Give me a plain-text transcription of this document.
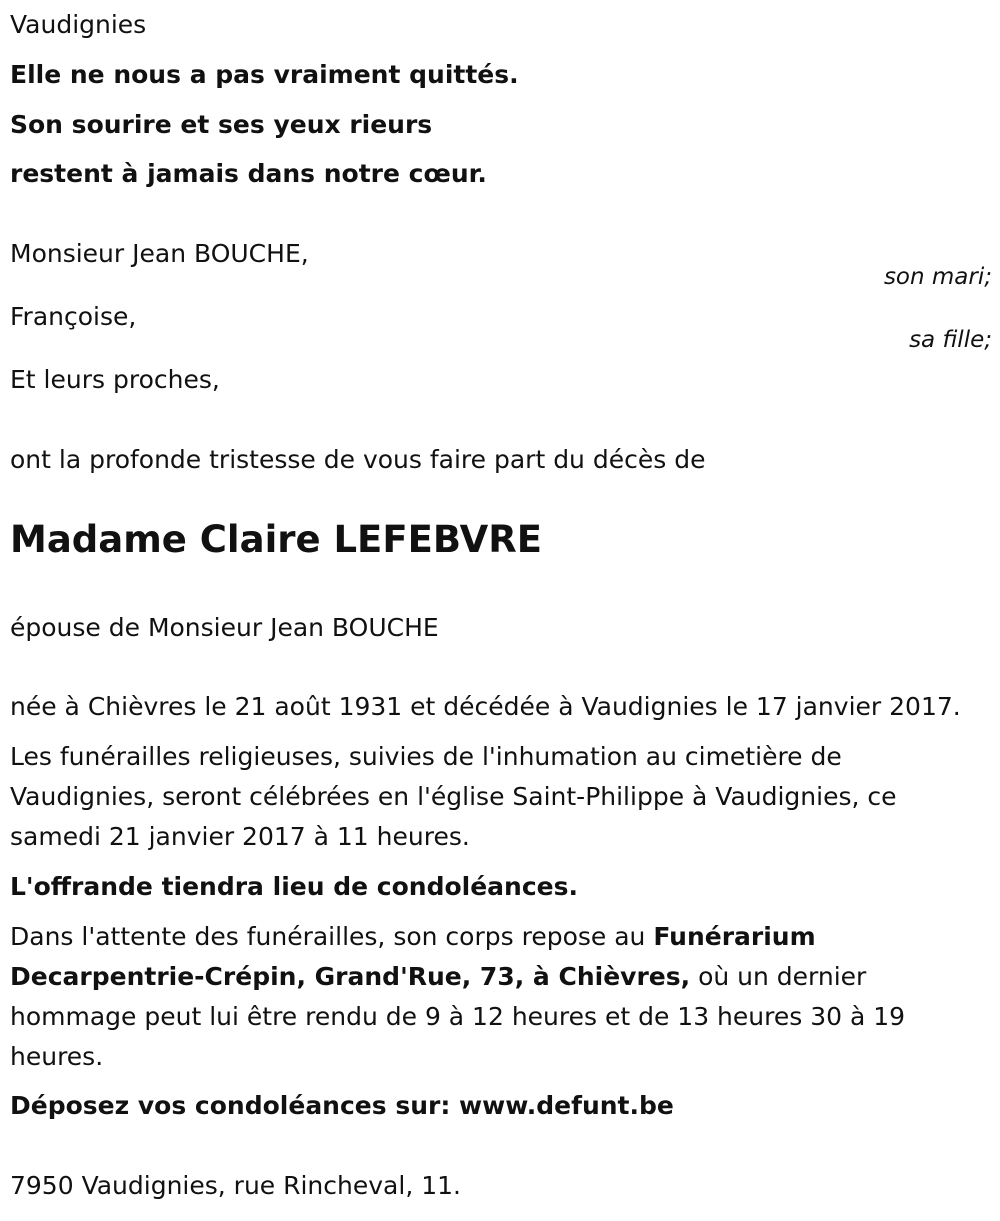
Vaudignies
Elle ne nous a pas vraiment quittés.
Son sourire et ses yeux rieurs
restent à jamais dans notre cœur.
Monsieur Jean BOUCHE,
son mari;
Françoise,
sa fille;
Et leurs proches,
ont la profonde tristesse de vous faire part du décès de
Madame Claire LEFEBVRE
épouse de Monsieur Jean BOUCHE
née à Chièvres le 21 août 1931 et décédée à Vaudignies le 17 janvier 2017.
Les funérailles religieuses, suivies de l'inhumation au cimetière de Vaudignies, seront célébrées en l'église Saint-Philippe à Vaudignies, ce samedi 21 janvier 2017 à 11 heures.
L'offrande tiendra lieu de condoléances.
Dans l'attente des funérailles, son corps repose au Funérarium Decarpentrie-Crépin, Grand'Rue, 73, à Chièvres, où un dernier hommage peut lui être rendu de 9 à 12 heures et de 13 heures 30 à 19 heures.
Déposez vos condoléances sur: www.defunt.be
7950 Vaudignies, rue Rincheval, 11.
